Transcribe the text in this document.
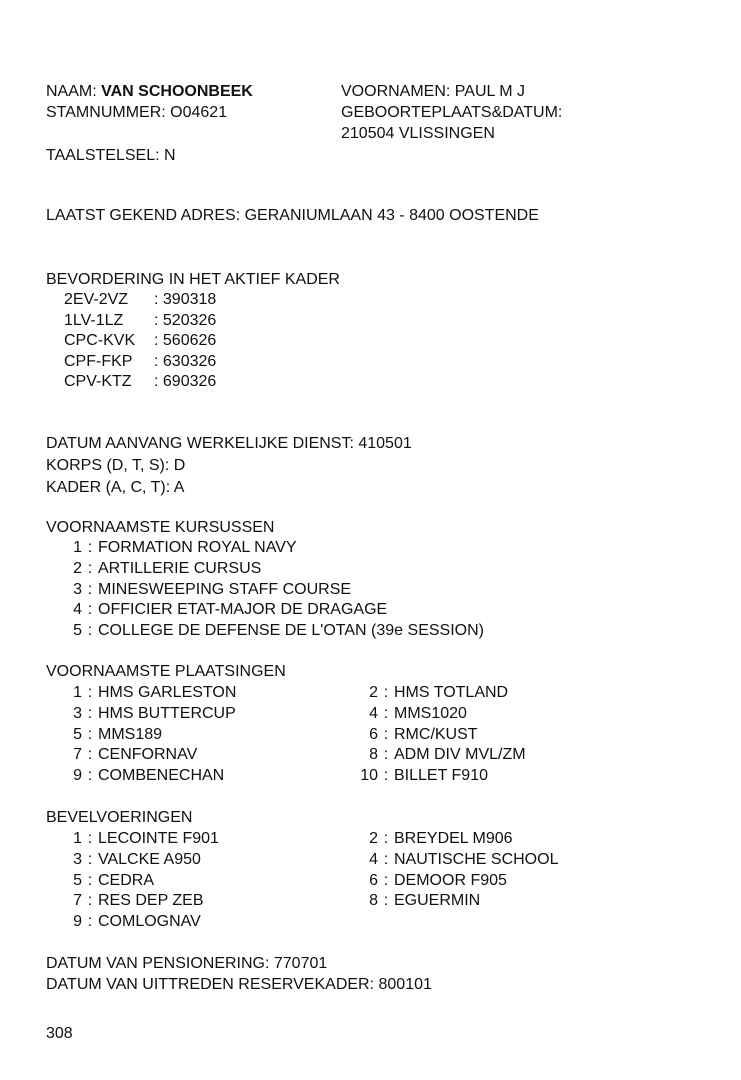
NAAM: VAN SCHOONBEEK
STAMNUMMER: O04621
TAALSTELSEL: N
VOORNAMEN: PAUL M J
GEBOORTEPLAATS&DATUM:
210504 VLISSINGEN
LAATST GEKEND ADRES: GERANIUMLAAN 43 - 8400 OOSTENDE
BEVORDERING IN HET AKTIEF KADER
2EV-2VZ	: 390318
1LV-1LZ	: 520326
CPC-KVK	: 560626
CPF-FKP	: 630326
CPV-KTZ	: 690326
DATUM AANVANG WERKELIJKE DIENST: 410501
KORPS (D, T, S): D
KADER (A, C, T): A
VOORNAAMSTE KURSUSSEN
1 : FORMATION ROYAL NAVY
2 : ARTILLERIE CURSUS
3 : MINESWEEPING STAFF COURSE
4 : OFFICIER ETAT-MAJOR DE DRAGAGE
5 : COLLEGE DE DEFENSE DE L'OTAN (39e SESSION)
VOORNAAMSTE PLAATSINGEN
1 : HMS GARLESTON	2 : HMS TOTLAND
3 : HMS BUTTERCUP	4 : MMS1020
5 : MMS189	6 : RMC/KUST
7 : CENFORNAV	8 : ADM DIV MVL/ZM
9 : COMBENECHAN	10 : BILLET F910
BEVELVOERINGEN
1 : LECOINTE F901	2 : BREYDEL M906
3 : VALCKE A950	4 : NAUTISCHE SCHOOL
5 : CEDRA	6 : DEMOOR F905
7 : RES DEP ZEB	8 : EGUERMIN
9 : COMLOGNAV
DATUM VAN PENSIONERING: 770701
DATUM VAN UITTREDEN RESERVEKADER: 800101
308
